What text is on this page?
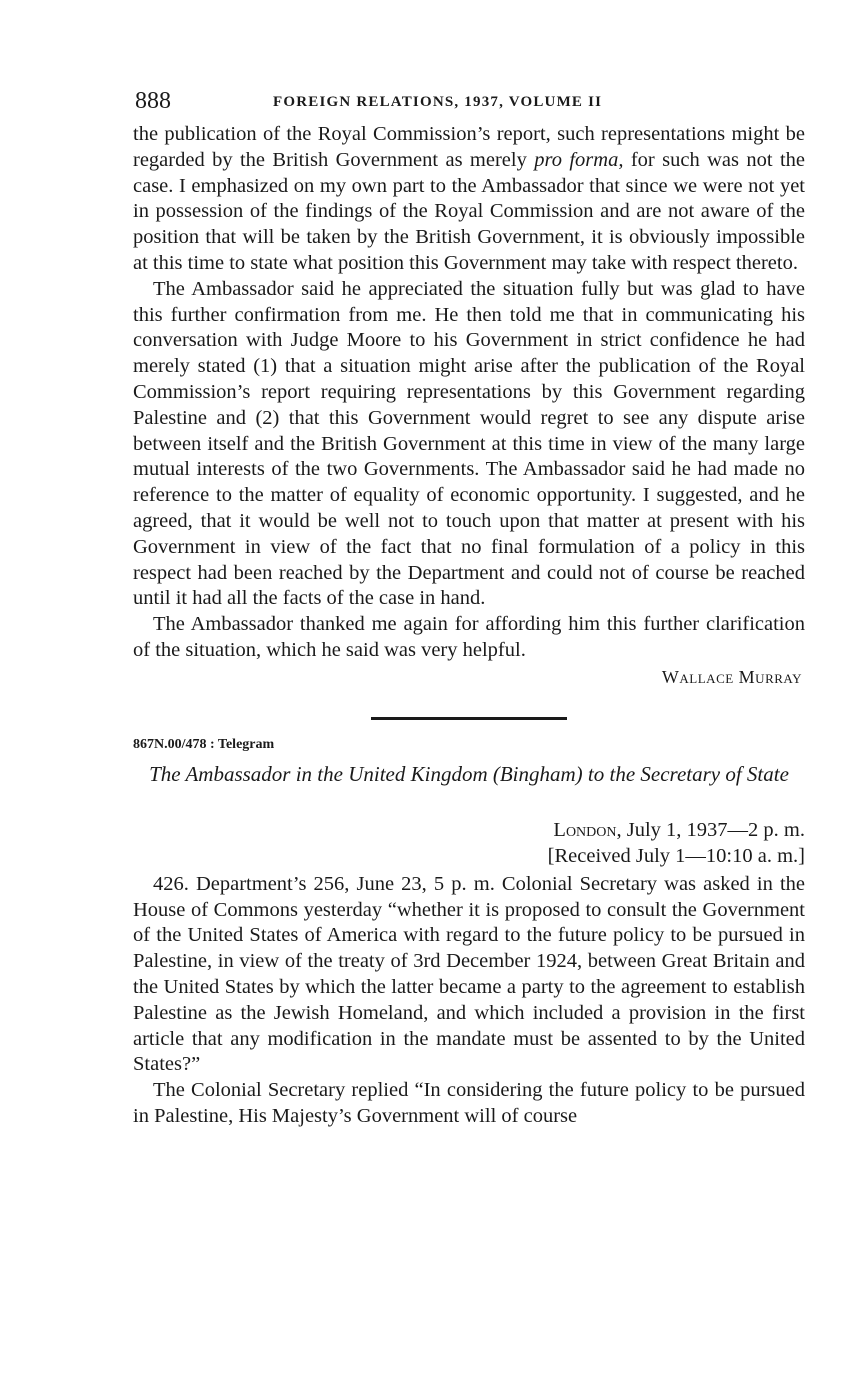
888	FOREIGN RELATIONS, 1937, VOLUME II

the publication of the Royal Commission’s report, such representations might be regarded by the British Government as merely pro forma, for such was not the case. I emphasized on my own part to the Ambassador that since we were not yet in possession of the findings of the Royal Commission and are not aware of the position that will be taken by the British Government, it is obviously impossible at this time to state what position this Government may take with respect thereto.

The Ambassador said he appreciated the situation fully but was glad to have this further confirmation from me. He then told me that in communicating his conversation with Judge Moore to his Government in strict confidence he had merely stated (1) that a situation might arise after the publication of the Royal Commission’s report requiring representations by this Government regarding Palestine and (2) that this Government would regret to see any dispute arise between itself and the British Government at this time in view of the many large mutual interests of the two Governments. The Ambassador said he had made no reference to the matter of equality of economic opportunity. I suggested, and he agreed, that it would be well not to touch upon that matter at present with his Government in view of the fact that no final formulation of a policy in this respect had been reached by the Department and could not of course be reached until it had all the facts of the case in hand.

The Ambassador thanked me again for affording him this further clarification of the situation, which he said was very helpful.

Wallace Murray

867N.00/478 : Telegram

The Ambassador in the United Kingdom (Bingham) to the Secretary of State

London, July 1, 1937—2 p. m.
[Received July 1—10:10 a. m.]

426. Department’s 256, June 23, 5 p. m. Colonial Secretary was asked in the House of Commons yesterday “whether it is proposed to consult the Government of the United States of America with regard to the future policy to be pursued in Palestine, in view of the treaty of 3rd December 1924, between Great Britain and the United States by which the latter became a party to the agreement to establish Palestine as the Jewish Homeland, and which included a provision in the first article that any modification in the mandate must be assented to by the United States?”

The Colonial Secretary replied “In considering the future policy to be pursued in Palestine, His Majesty’s Government will of course
